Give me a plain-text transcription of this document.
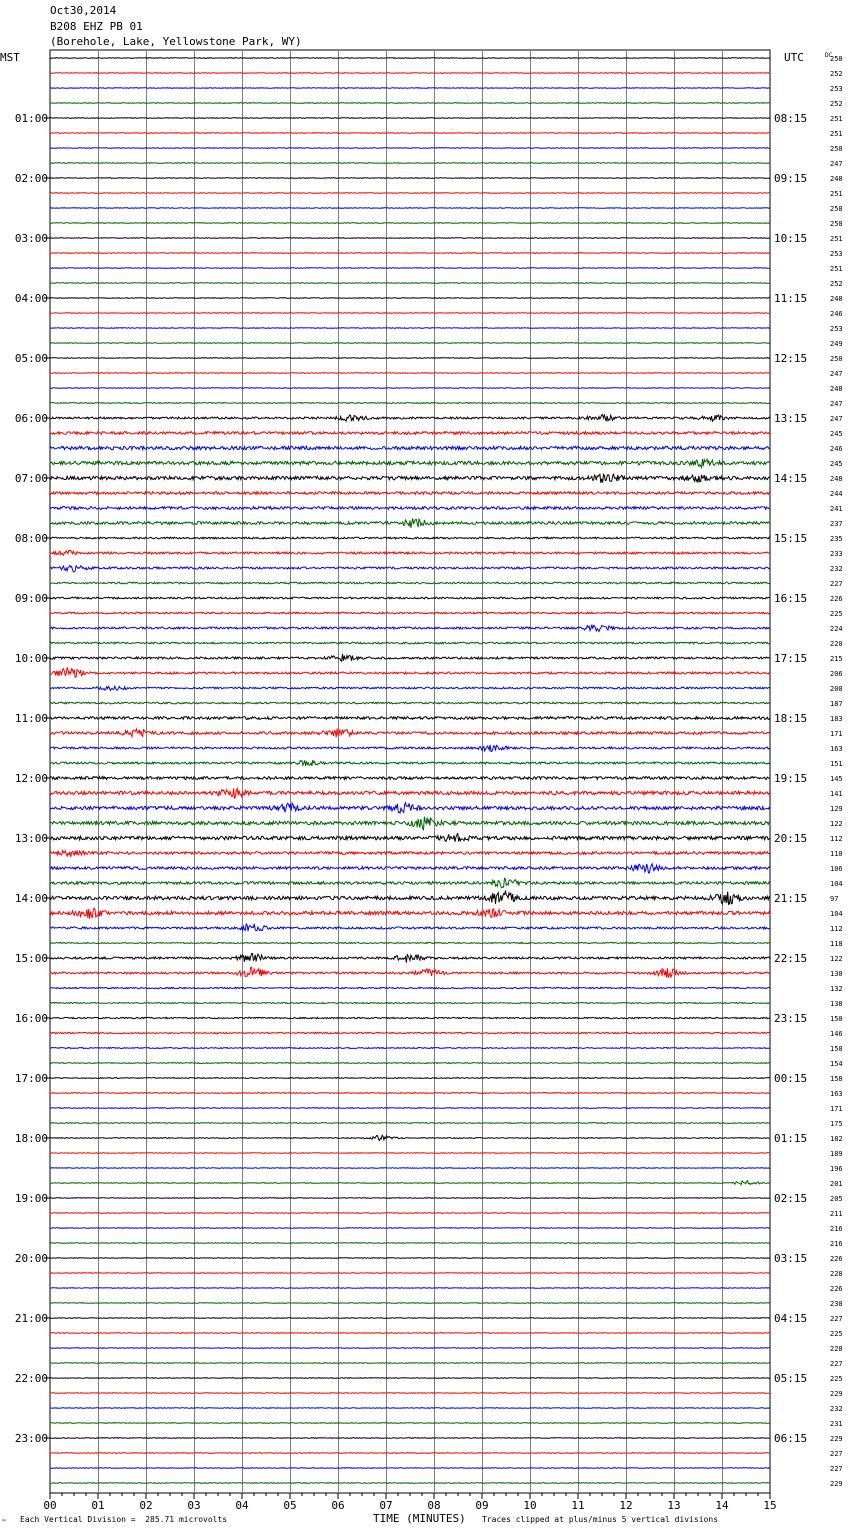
Oct30,2014
B208 EHZ PB 01
(Borehole, Lake, Yellowstone Park, WY)
00	01	02	03	04	05	06	07	08	09	10	11	12	13	14	15
MST	UTC	DC
01:00
02:00
03:00
04:00
05:00
06:00
07:00
08:00
09:00
10:00
11:00
12:00
13:00
14:00
15:00
16:00
17:00
18:00
19:00
20:00
21:00
22:00
23:00
08:15
09:15
10:15
11:15
12:15
13:15
14:15
15:15
16:15
17:15
18:15
19:15
20:15
21:15
22:15
23:15
00:15
01:15
02:15
03:15
04:15
05:15
06:15
250
252
253
252
251
251
250
247
248
251
250
250
251
253
251
252
248
246
253
249
250
247
248
247
247
245
246
245
248
244
241
237
235
233
232
227
226
225
224
220
215
206
200
187
183
171
163
151
145
141
129
122
112
110
106
104
97
104
112
118
122
130
132
138
150
146
150
154
158
163
171
175
182
189
196
201
205
211
216
216
226
228
226
230
227
225
228
227
225
229
232
231
229
227
227
229
™ Each Vertical Division =  285.71 microvolts	TIME (MINUTES) Traces clipped at plus/minus 5 vertical divisions
